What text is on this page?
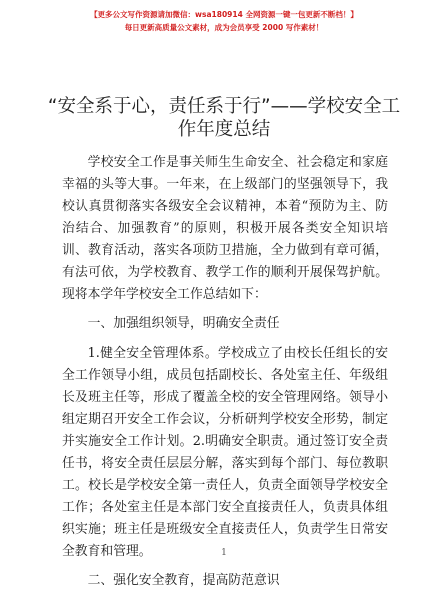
【更多公文写作资源请加微信：wsa180914 全网资源一键一包更新不断档！】
每日更新高质量公文素材，成为会员享受 2000 写作素材！
“安全系于心，责任系于行”——学校安全工作年度总结

学校安全工作是事关师生生命安全、社会稳定和家庭幸福的头等大事。一年来，在上级部门的坚强领导下，我校认真贯彻落实各级安全会议精神，本着“预防为主、防治结合、加强教育”的原则，积极开展各类安全知识培训、教育活动，落实各项防卫措施，全力做到有章可循，有法可依，为学校教育、教学工作的顺利开展保驾护航。现将本学年学校安全工作总结如下：

一、加强组织领导，明确安全责任

1.健全安全管理体系。学校成立了由校长任组长的安全工作领导小组，成员包括副校长、各处室主任、年级组长及班主任等，形成了覆盖全校的安全管理网络。领导小组定期召开安全工作会议，分析研判学校安全形势，制定并实施安全工作计划。2.明确安全职责。通过签订安全责任书，将安全责任层层分解，落实到每个部门、每位教职工。校长是学校安全第一责任人，负责全面领导学校安全工作；各处室主任是本部门安全直接责任人，负责具体组织实施；班主任是班级安全直接责任人，负责学生日常安全教育和管理。

二、强化安全教育，提高防范意识

1
